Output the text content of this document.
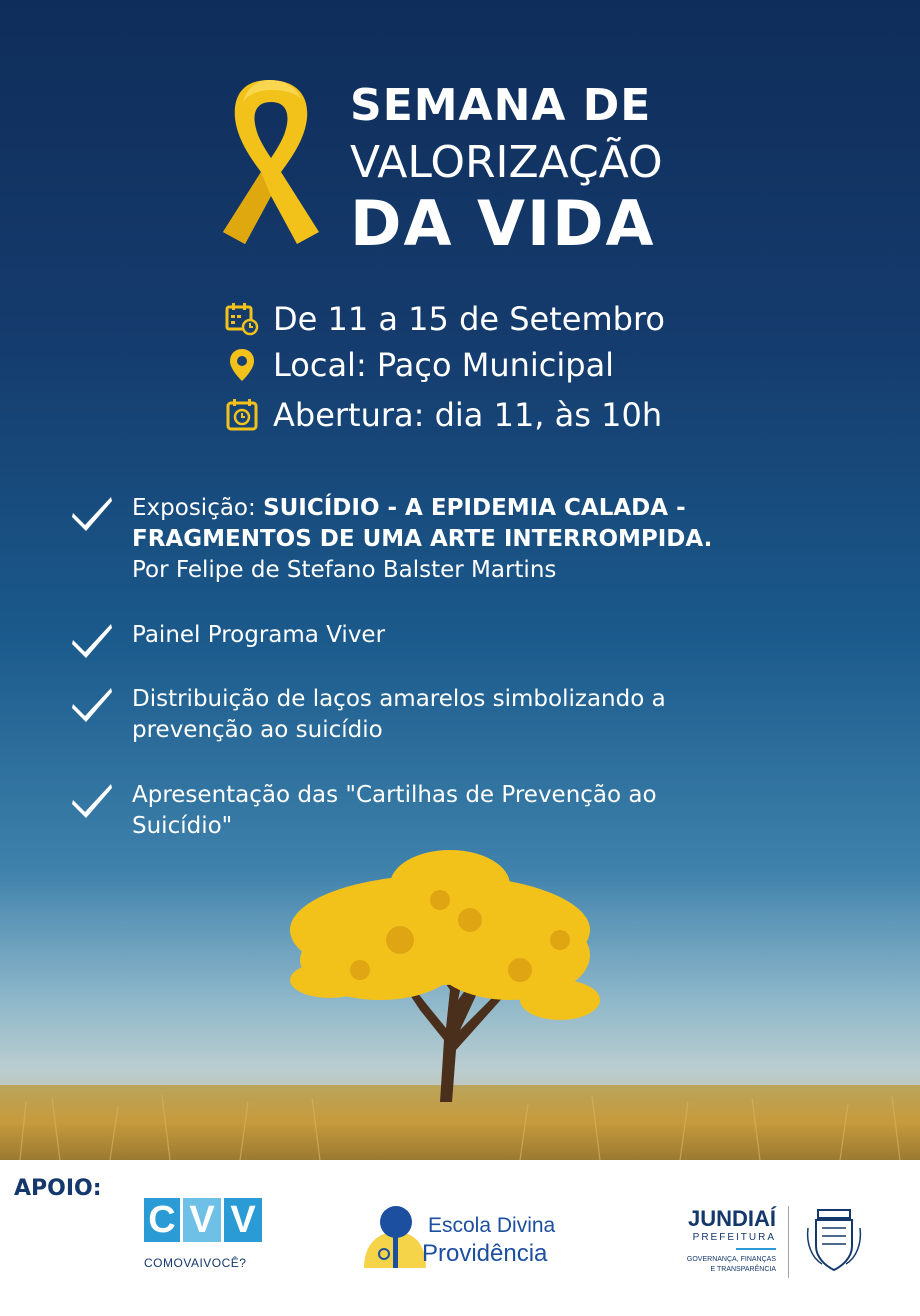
SEMANA DE
VALORIZAÇÃO
DA VIDA
De 11 a 15 de Setembro
Local: Paço Municipal
Abertura: dia 11, às 10h
Exposição: SUICÍDIO - A EPIDEMIA CALADA -
FRAGMENTOS DE UMA ARTE INTERROMPIDA.
Por Felipe de Stefano Balster Martins
Painel Programa Viver
Distribuição de laços amarelos simbolizando a
prevenção ao suicídio
Apresentação das "Cartilhas de Prevenção ao
Suicídio"
APOIO:
C V V
COMOVAIVOCÊ?
Escola Divina
Providência
JUNDIAÍ
PREFEITURA
GOVERNANÇA, FINANÇAS
E TRANSPARÊNCIA
